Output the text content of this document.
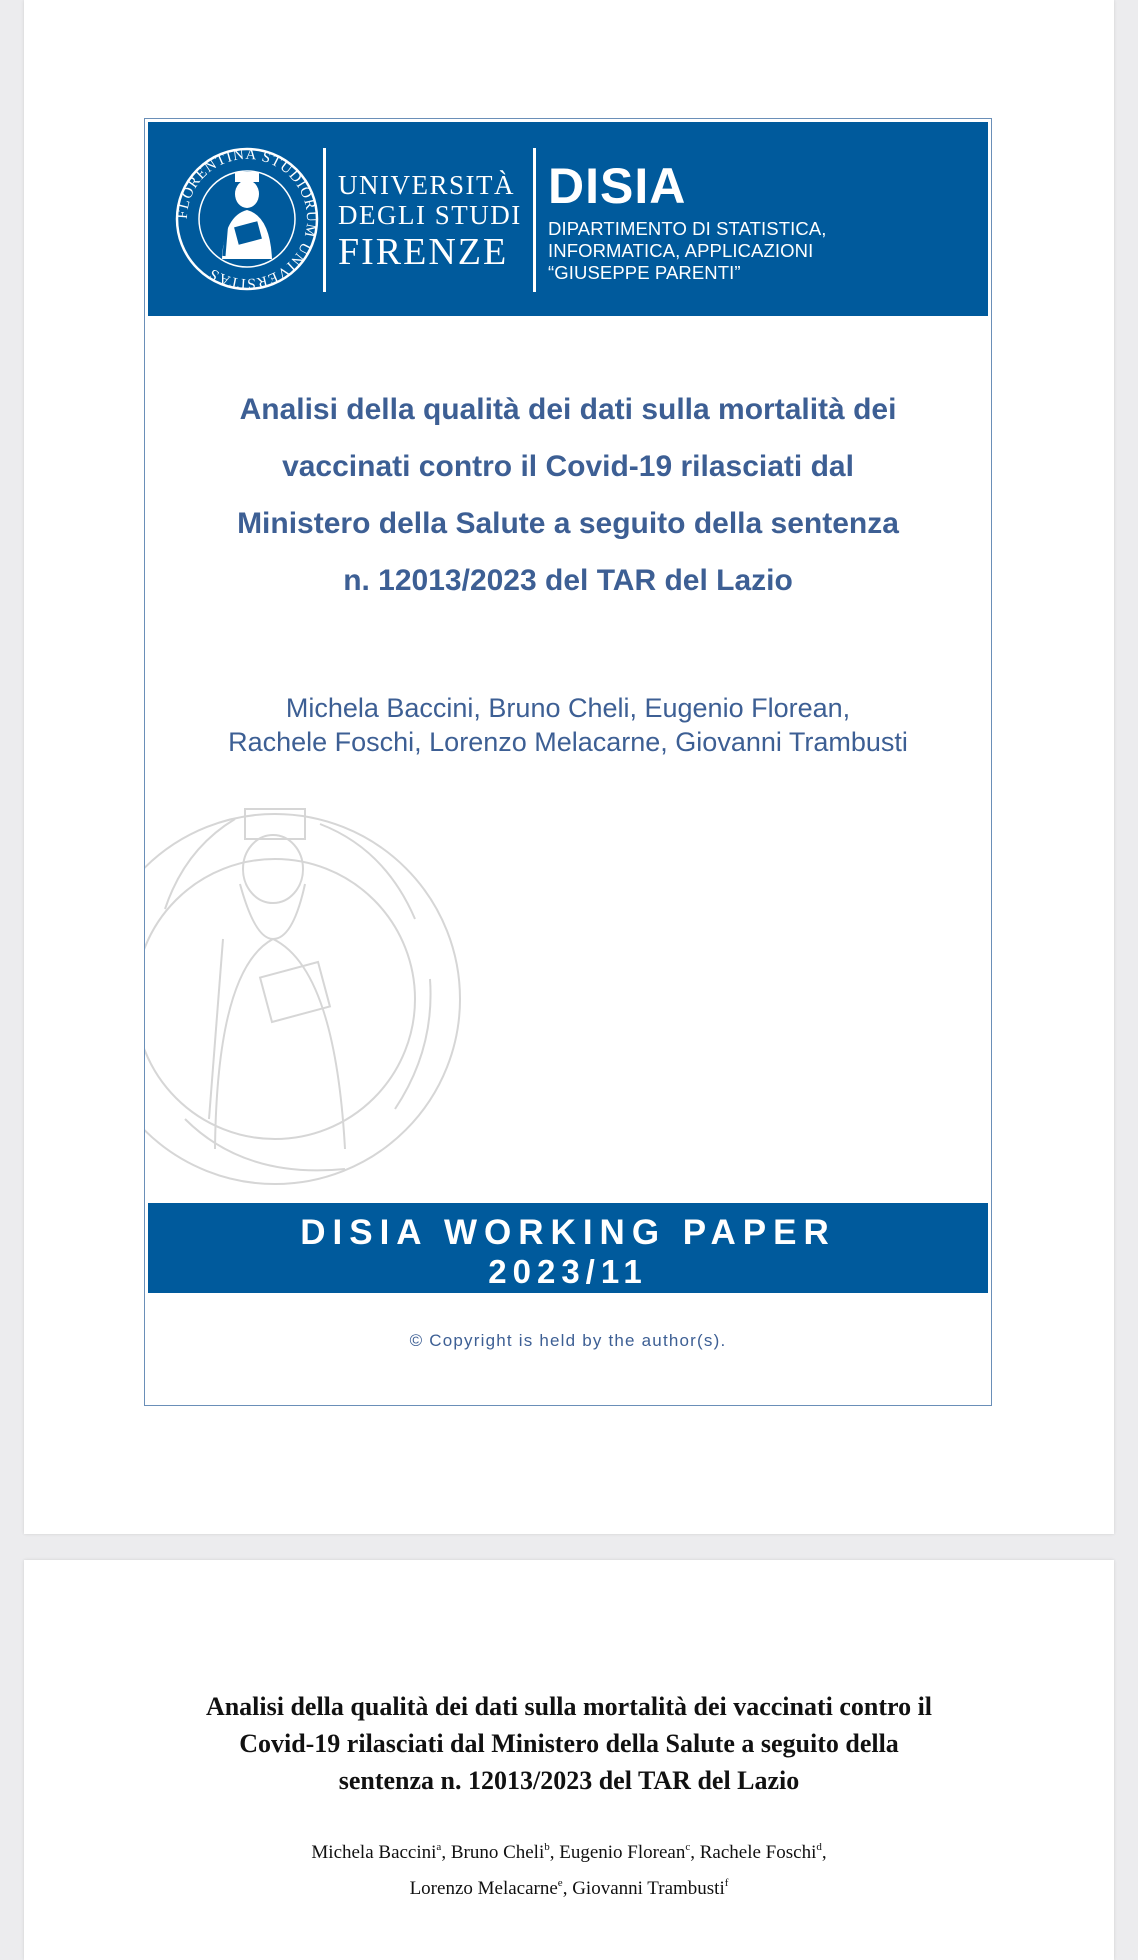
FLORENTINA STUDIORUM UNIVERSITAS
UNIVERSITÀ
DEGLI STUDI
FIRENZE
DISIA
DIPARTIMENTO DI STATISTICA,
INFORMATICA, APPLICAZIONI
“GIUSEPPE PARENTI”
Analisi della qualità dei dati sulla mortalità dei
vaccinati contro il Covid-19 rilasciati dal
Ministero della Salute a seguito della sentenza
n. 12013/2023 del TAR del Lazio
Michela Baccini, Bruno Cheli, Eugenio Florean,
Rachele Foschi, Lorenzo Melacarne, Giovanni Trambusti
DISIA WORKING PAPER
2023/11
© Copyright is held by the author(s).
Analisi della qualità dei dati sulla mortalità dei vaccinati contro il
Covid-19 rilasciati dal Ministero della Salute a seguito della
sentenza n. 12013/2023 del TAR del Lazio
Michela Baccini$^a$, Bruno Cheli$^b$, Eugenio Florean$^c$, Rachele Foschi$^d$,
Lorenzo Melacarne$^e$, Giovanni Trambusti$^f$
